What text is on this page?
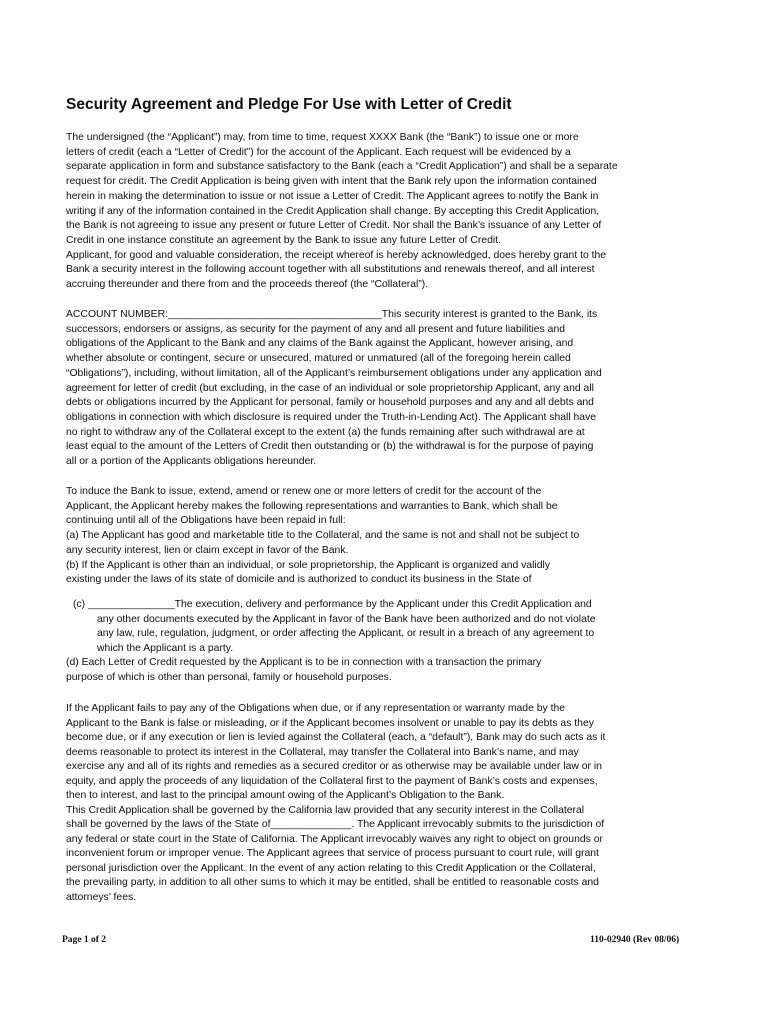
Security Agreement and Pledge For Use with Letter of Credit
The undersigned (the “Applicant”) may, from time to time, request XXXX Bank (the “Bank”) to issue one or more
letters of credit (each a “Letter of Credit”) for the account of the Applicant. Each request will be evidenced by a
separate application in form and substance satisfactory to the Bank (each a “Credit Application”) and shall be a separate
request for credit. The Credit Application is being given with intent that the Bank rely upon the information contained
herein in making the determination to issue or not issue a Letter of Credit. The Applicant agrees to notify the Bank in
writing if any of the information contained in the Credit Application shall change. By accepting this Credit Application,
the Bank is not agreeing to issue any present or future Letter of Credit. Nor shall the Bank’s issuance of any Letter of
Credit in one instance constitute an agreement by the Bank to issue any future Letter of Credit.
Applicant, for good and valuable consideration, the receipt whereof is hereby acknowledged, does hereby grant to the
Bank a security interest in the following account together with all substitutions and renewals thereof, and all interest
accruing thereunder and there from and the proceeds thereof (the “Collateral”).
ACCOUNT NUMBER:_____________________________________This security interest is granted to the Bank, its
successors, endorsers or assigns, as security for the payment of any and all present and future liabilities and
obligations of the Applicant to the Bank and any claims of the Bank against the Applicant, however arising, and
whether absolute or contingent, secure or unsecured, matured or unmatured (all of the foregoing herein called
“Obligations”), including, without limitation, all of the Applicant’s reimbursement obligations under any application and
agreement for letter of credit (but excluding, in the case of an individual or sole proprietorship Applicant, any and all
debts or obligations incurred by the Applicant for personal, family or household purposes and any and all debts and
obligations in connection with which disclosure is required under the Truth-in-Lending Act). The Applicant shall have
no right to withdraw any of the Collateral except to the extent (a) the funds remaining after such withdrawal are at
least equal to the amount of the Letters of Credit then outstanding or (b) the withdrawal is for the purpose of paying
all or a portion of the Applicants obligations hereunder.
To induce the Bank to issue, extend, amend or renew one or more letters of credit for the account of the
Applicant, the Applicant hereby makes the following representations and warranties to Bank, which shall be
continuing until all of the Obligations have been repaid in full:
(a) The Applicant has good and marketable title to the Collateral, and the same is not and shall not be subject to
any security interest, lien or claim except in favor of the Bank.
(b) If the Applicant is other than an individual, or sole proprietorship, the Applicant is organized and validly
existing under the laws of its state of domicile and is authorized to conduct its business in the State of
(c) _______________The execution, delivery and performance by the Applicant under this Credit Application and
any other documents executed by the Applicant in favor of the Bank have been authorized and do not violate
any law, rule, regulation, judgment, or order affecting the Applicant, or result in a breach of any agreement to
which the Applicant is a party.
(d) Each Letter of Credit requested by the Applicant is to be in connection with a transaction the primary
purpose of which is other than personal, family or household purposes.
If the Applicant fails to pay any of the Obligations when due, or if any representation or warranty made by the
Applicant to the Bank is false or misleading, or if the Applicant becomes insolvent or unable to pay its debts as they
become due, or if any execution or lien is levied against the Collateral (each, a “default”), Bank may do such acts as it
deems reasonable to protect its interest in the Collateral, may transfer the Collateral into Bank’s name, and may
exercise any and all of its rights and remedies as a secured creditor or as otherwise may be available under law or in
equity, and apply the proceeds of any liquidation of the Collateral first to the payment of Bank’s costs and expenses,
then to interest, and last to the principal amount owing of the Applicant’s Obligation to the Bank.
This Credit Application shall be governed by the California law provided that any security interest in the Collateral
shall be governed by the laws of the State of______________. The Applicant irrevocably submits to the jurisdiction of
any federal or state court in the State of California. The Applicant irrevocably waives any right to object on grounds or
inconvenient forum or improper venue. The Applicant agrees that service of process pursuant to court rule, will grant
personal jurisdiction over the Applicant. In the event of any action relating to this Credit Application or the Collateral,
the prevailing party, in addition to all other sums to which it may be entitled, shall be entitled to reasonable costs and
attorneys’ fees.
Page 1 of 2	110-02940 (Rev 08/06)
